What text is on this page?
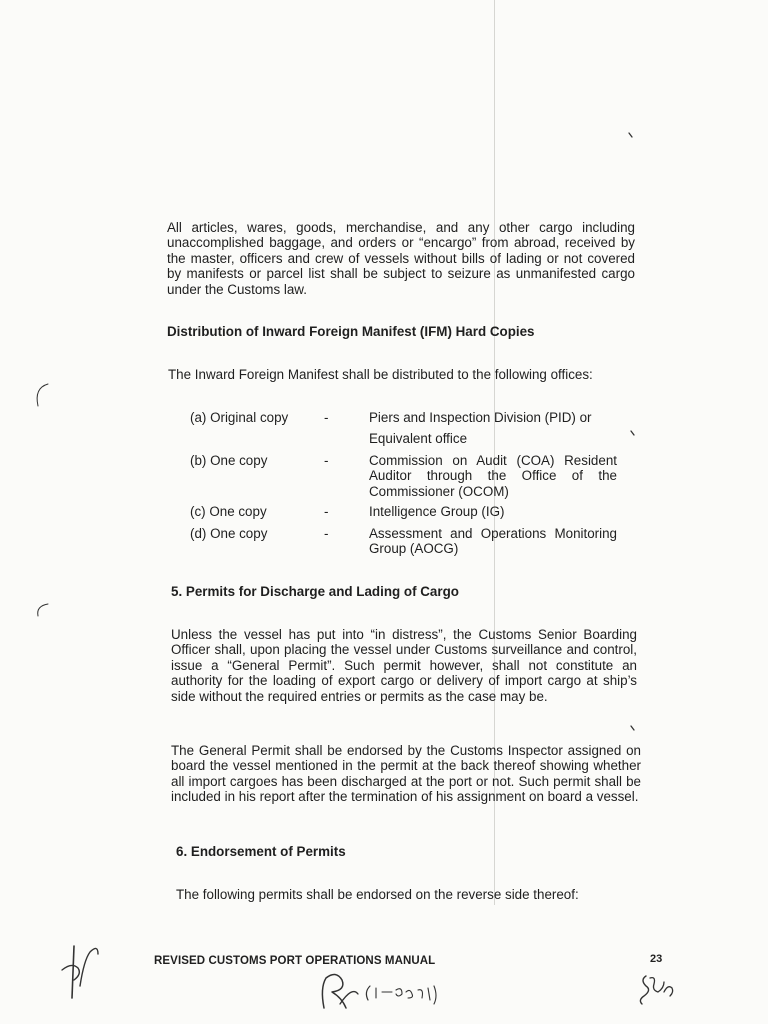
All articles, wares, goods, merchandise, and any other cargo including unaccomplished baggage, and orders or “encargo” from abroad, received by the master, officers and crew of vessels without bills of lading or not covered by manifests or parcel list shall be subject to seizure as unmanifested cargo under the Customs law.

Distribution of Inward Foreign Manifest (IFM) Hard Copies

The Inward Foreign Manifest shall be distributed to the following offices:

(a) Original copy	-	Piers and Inspection Division (PID) or
Equivalent office
(b) One copy	-	Commission on Audit (COA) Resident Auditor through the Office of the Commissioner (OCOM)
(c) One copy	-	Intelligence Group (IG)
(d) One copy	-	Assessment and Operations Monitoring Group (AOCG)

5. Permits for Discharge and Lading of Cargo

Unless the vessel has put into “in distress”, the Customs Senior Boarding Officer shall, upon placing the vessel under Customs surveillance and control, issue a “General Permit”. Such permit however, shall not constitute an authority for the loading of export cargo or delivery of import cargo at ship’s side without the required entries or permits as the case may be.

The General Permit shall be endorsed by the Customs Inspector assigned on board the vessel mentioned in the permit at the back thereof showing whether all import cargoes has been discharged at the port or not. Such permit shall be included in his report after the termination of his assignment on board a vessel.

6. Endorsement of Permits

The following permits shall be endorsed on the reverse side thereof:

REVISED CUSTOMS PORT OPERATIONS MANUAL	23
